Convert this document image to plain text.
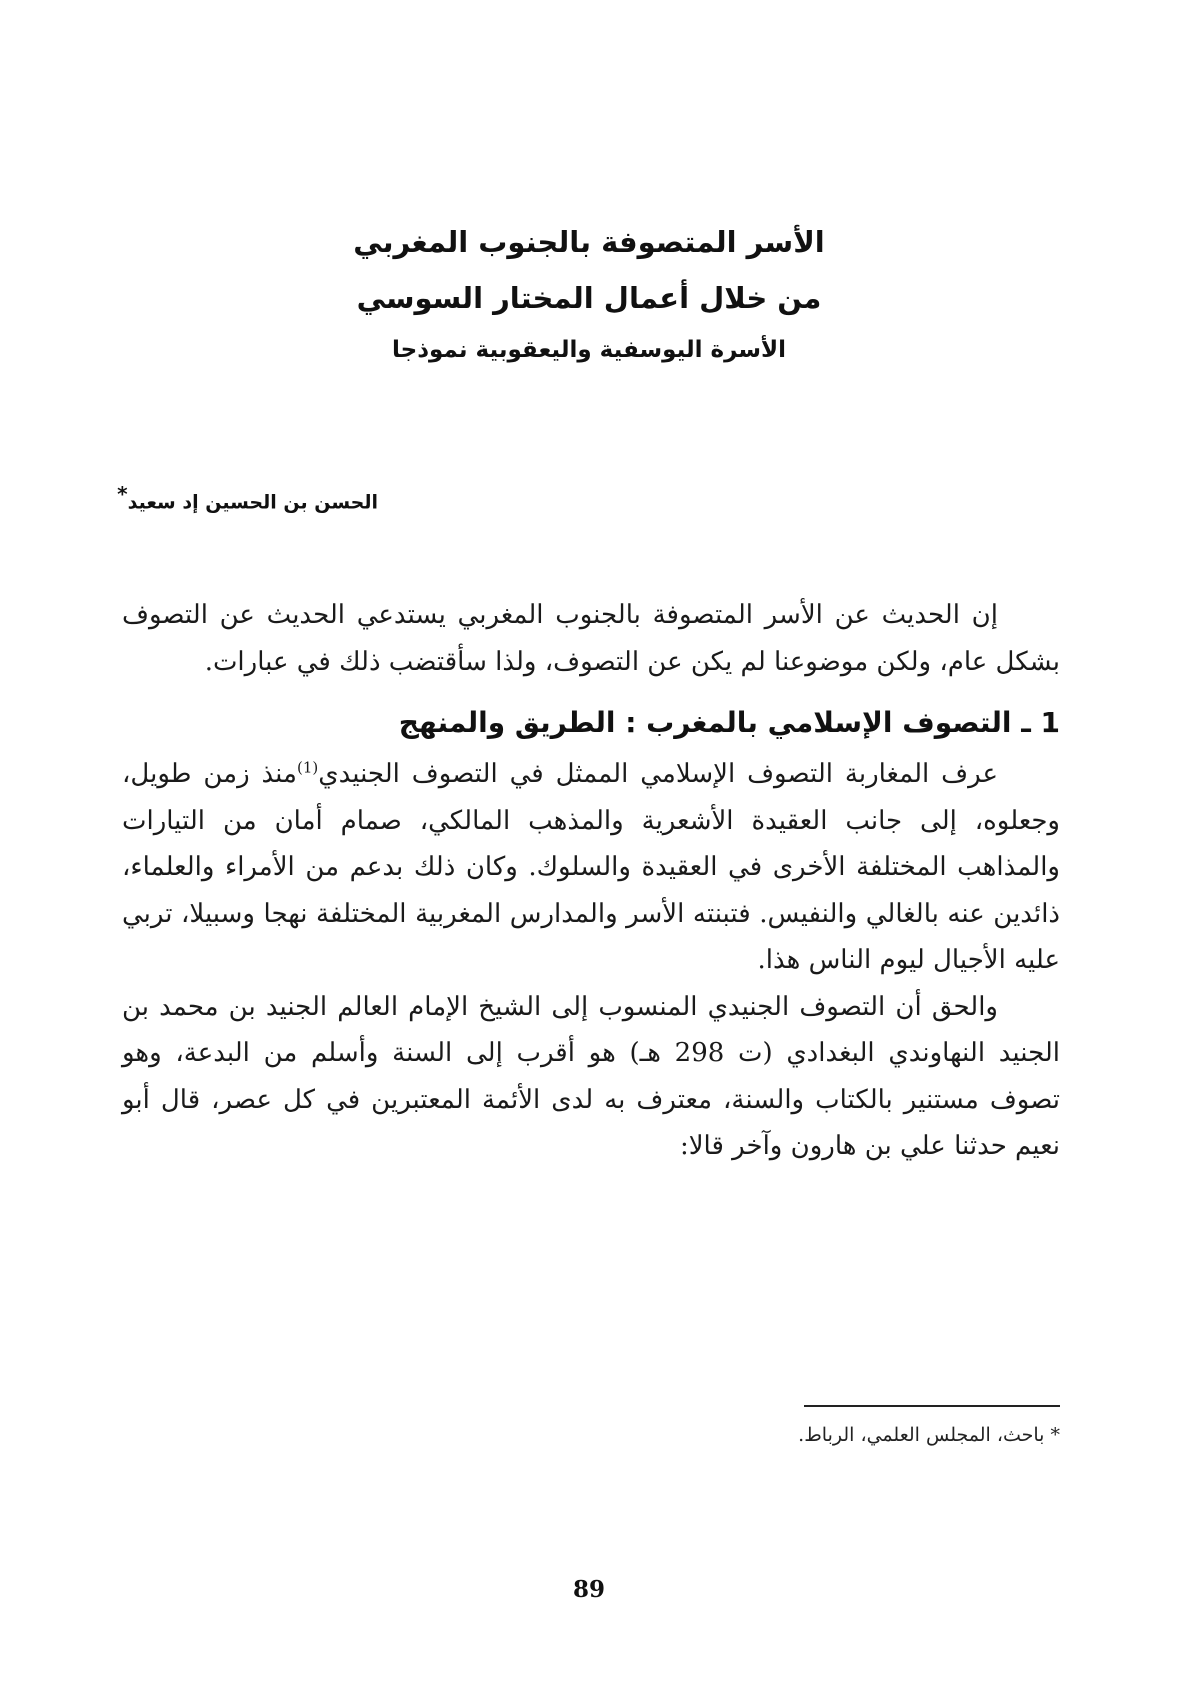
الأسر المتصوفة بالجنوب المغربي
من خلال أعمال المختار السوسي
الأسرة اليوسفية واليعقوبية نموذجا
الحسن بن الحسين إد سعيد*

إن الحديث عن الأسر المتصوفة بالجنوب المغربي يستدعي الحديث عن التصوف بشكل عام، ولكن موضوعنا لم يكن عن التصوف، ولذا سأقتضب ذلك في عبارات.

1 ـ التصوف الإسلامي بالمغرب : الطريق والمنهج

عرف المغاربة التصوف الإسلامي الممثل في التصوف الجنيدي$^{(1)}$منذ زمن طويل، وجعلوه، إلى جانب العقيدة الأشعرية والمذهب المالكي، صمام أمان من التيارات والمذاهب المختلفة الأخرى في العقيدة والسلوك. وكان ذلك بدعم من الأمراء والعلماء، ذائدين عنه بالغالي والنفيس. فتبنته الأسر والمدارس المغربية المختلفة نهجا وسبيلا، تربي عليه الأجيال ليوم الناس هذا.

والحق أن التصوف الجنيدي المنسوب إلى الشيخ الإمام العالم الجنيد بن محمد بن الجنيد النهاوندي البغدادي (ت 298 هـ) هو أقرب إلى السنة وأسلم من البدعة، وهو تصوف مستنير بالكتاب والسنة، معترف به لدى الأئمة المعتبرين في كل عصر، قال أبو نعيم حدثنا علي بن هارون وآخر قالا:

* باحث، المجلس العلمي، الرباط.
89
